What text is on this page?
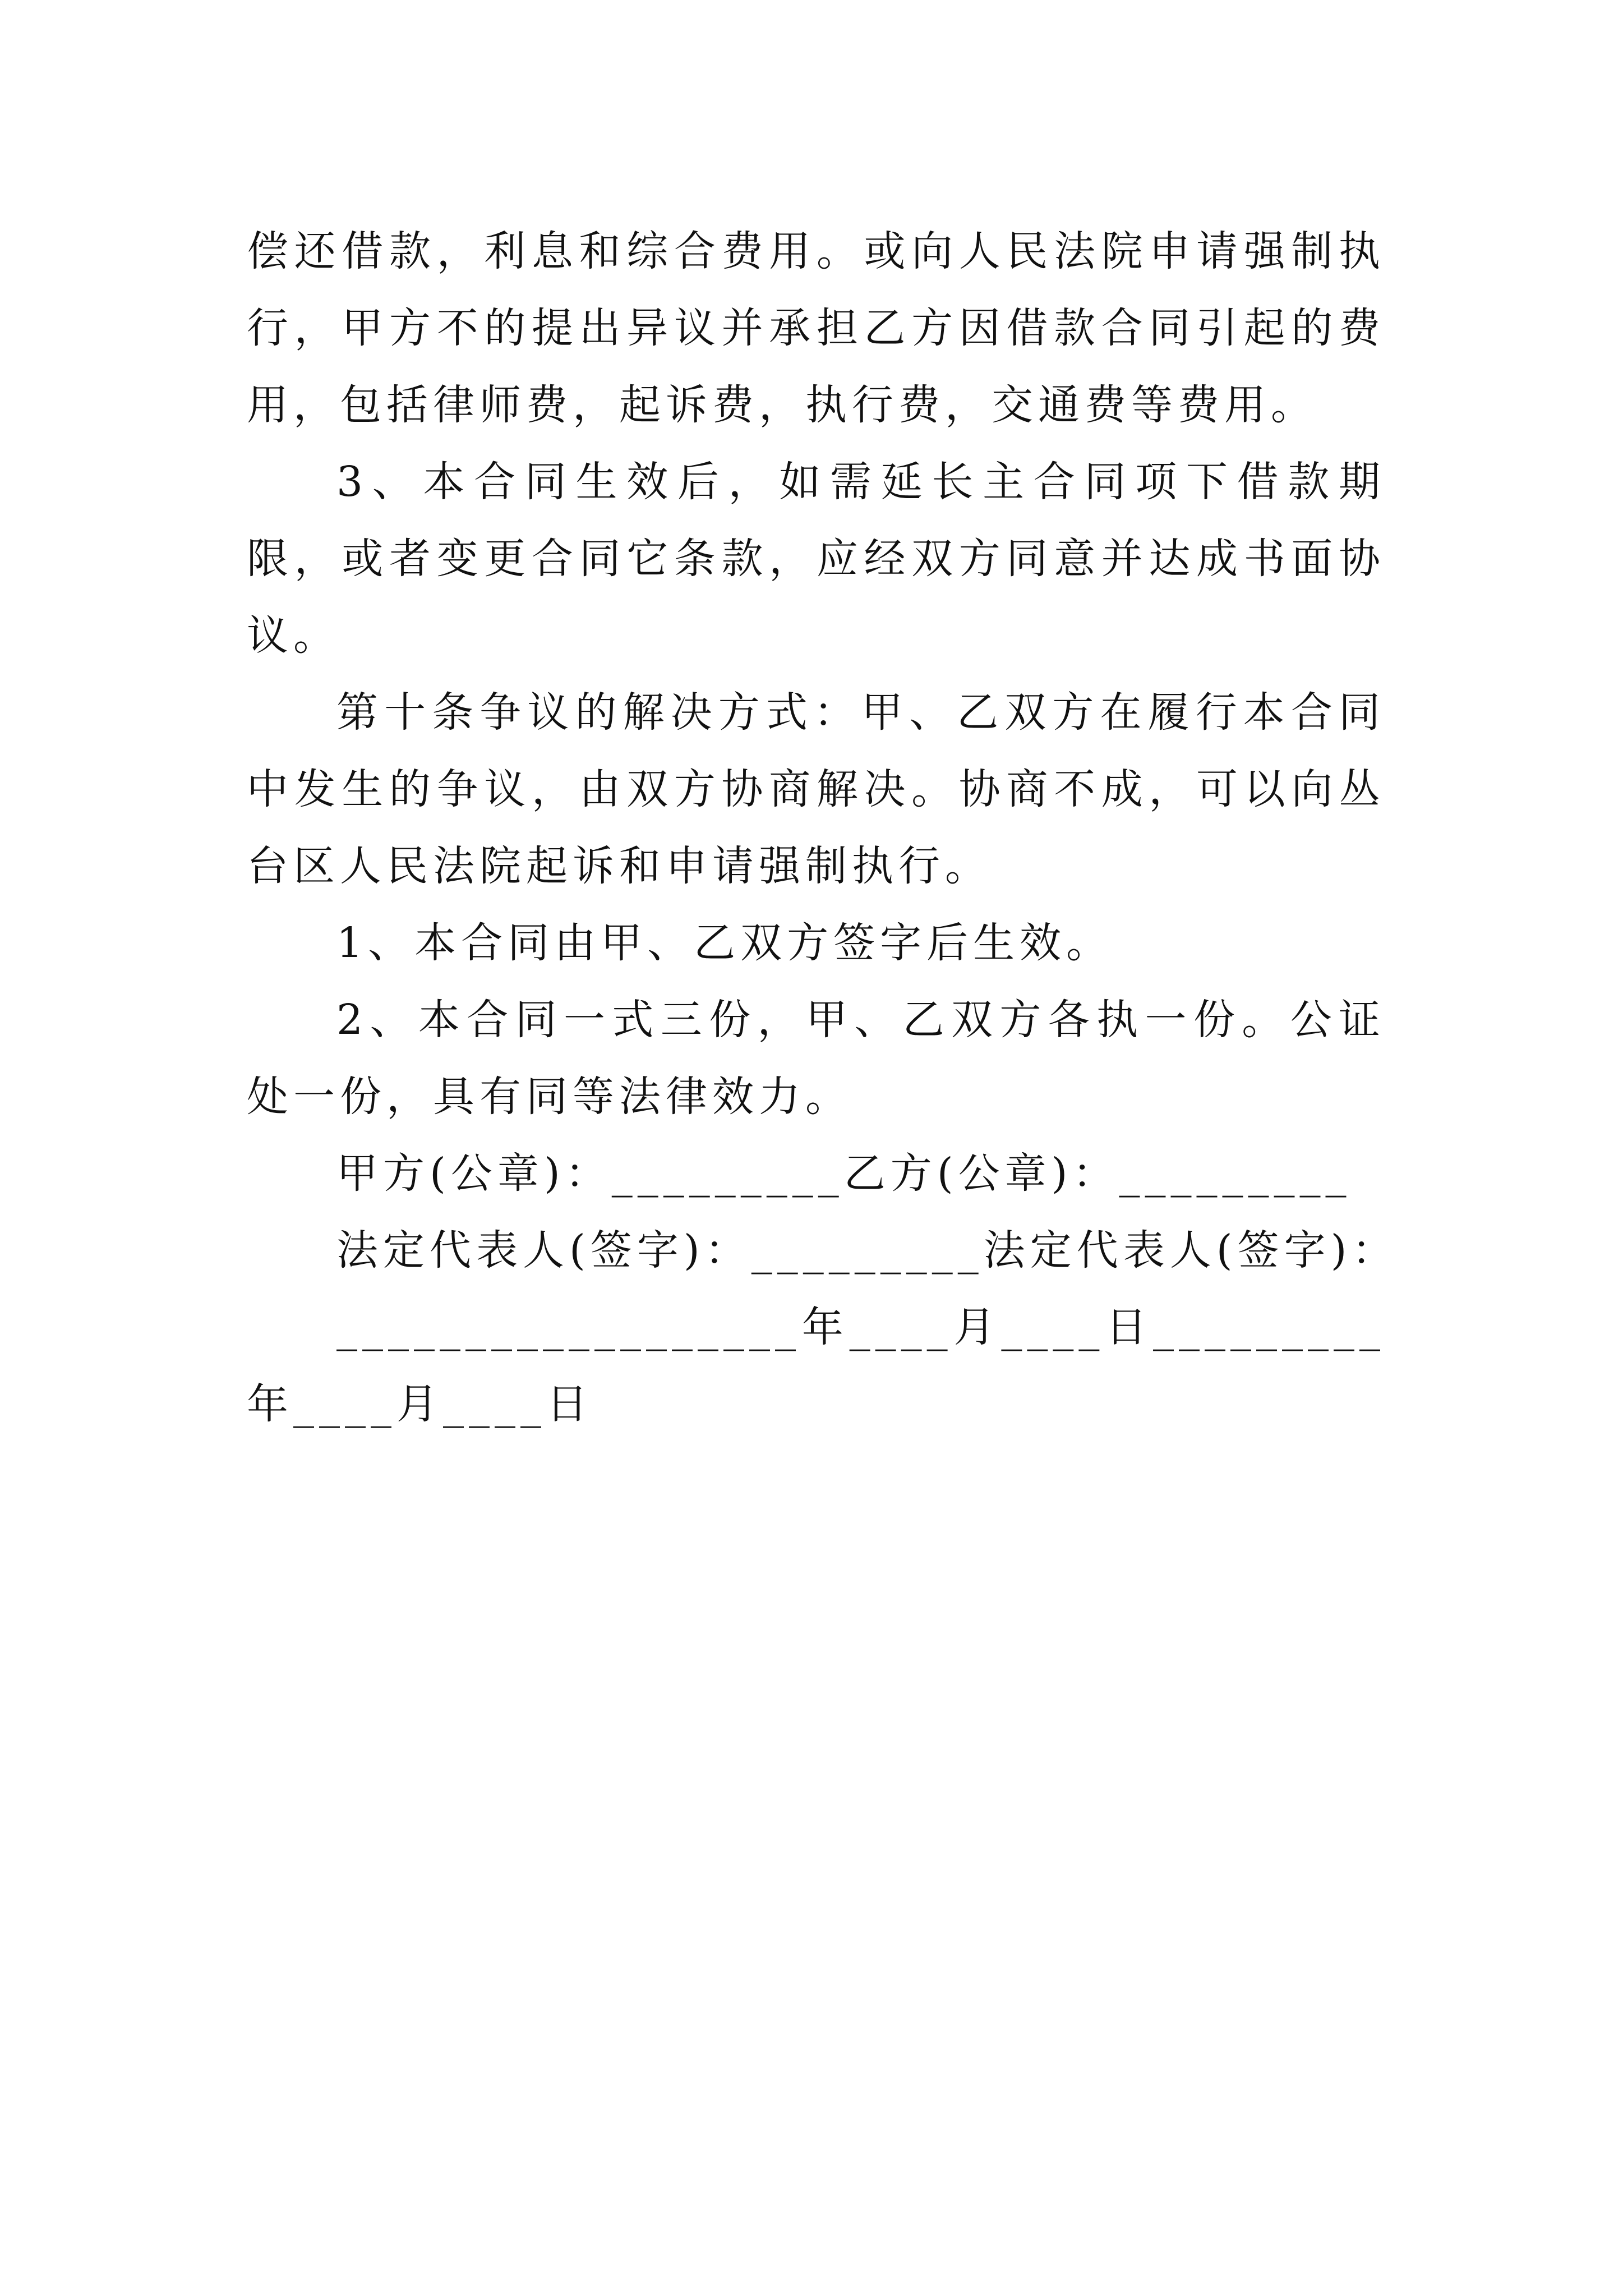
偿还借款，利息和综合费用。或向人民法院申请强制执行，甲方不的提出异议并承担乙方因借款合同引起的费用，包括律师费，起诉费，执行费，交通费等费用。

3、本合同生效后，如需延长主合同项下借款期限，或者变更合同它条款，应经双方同意并达成书面协议。

第十条争议的解决方式：甲、乙双方在履行本合同中发生的争议，由双方协商解决。协商不成，可以向丛台区人民法院起诉和申请强制执行。

1、本合同由甲、乙双方签字后生效。

2、本合同一式三份，甲、乙双方各执一份。公证处一份，具有同等法律效力。

甲方(公章)：_________乙方(公章)：_________

法定代表人(签字)：_________法定代表人(签字)：

__________________年____月____日_________年____月____日
